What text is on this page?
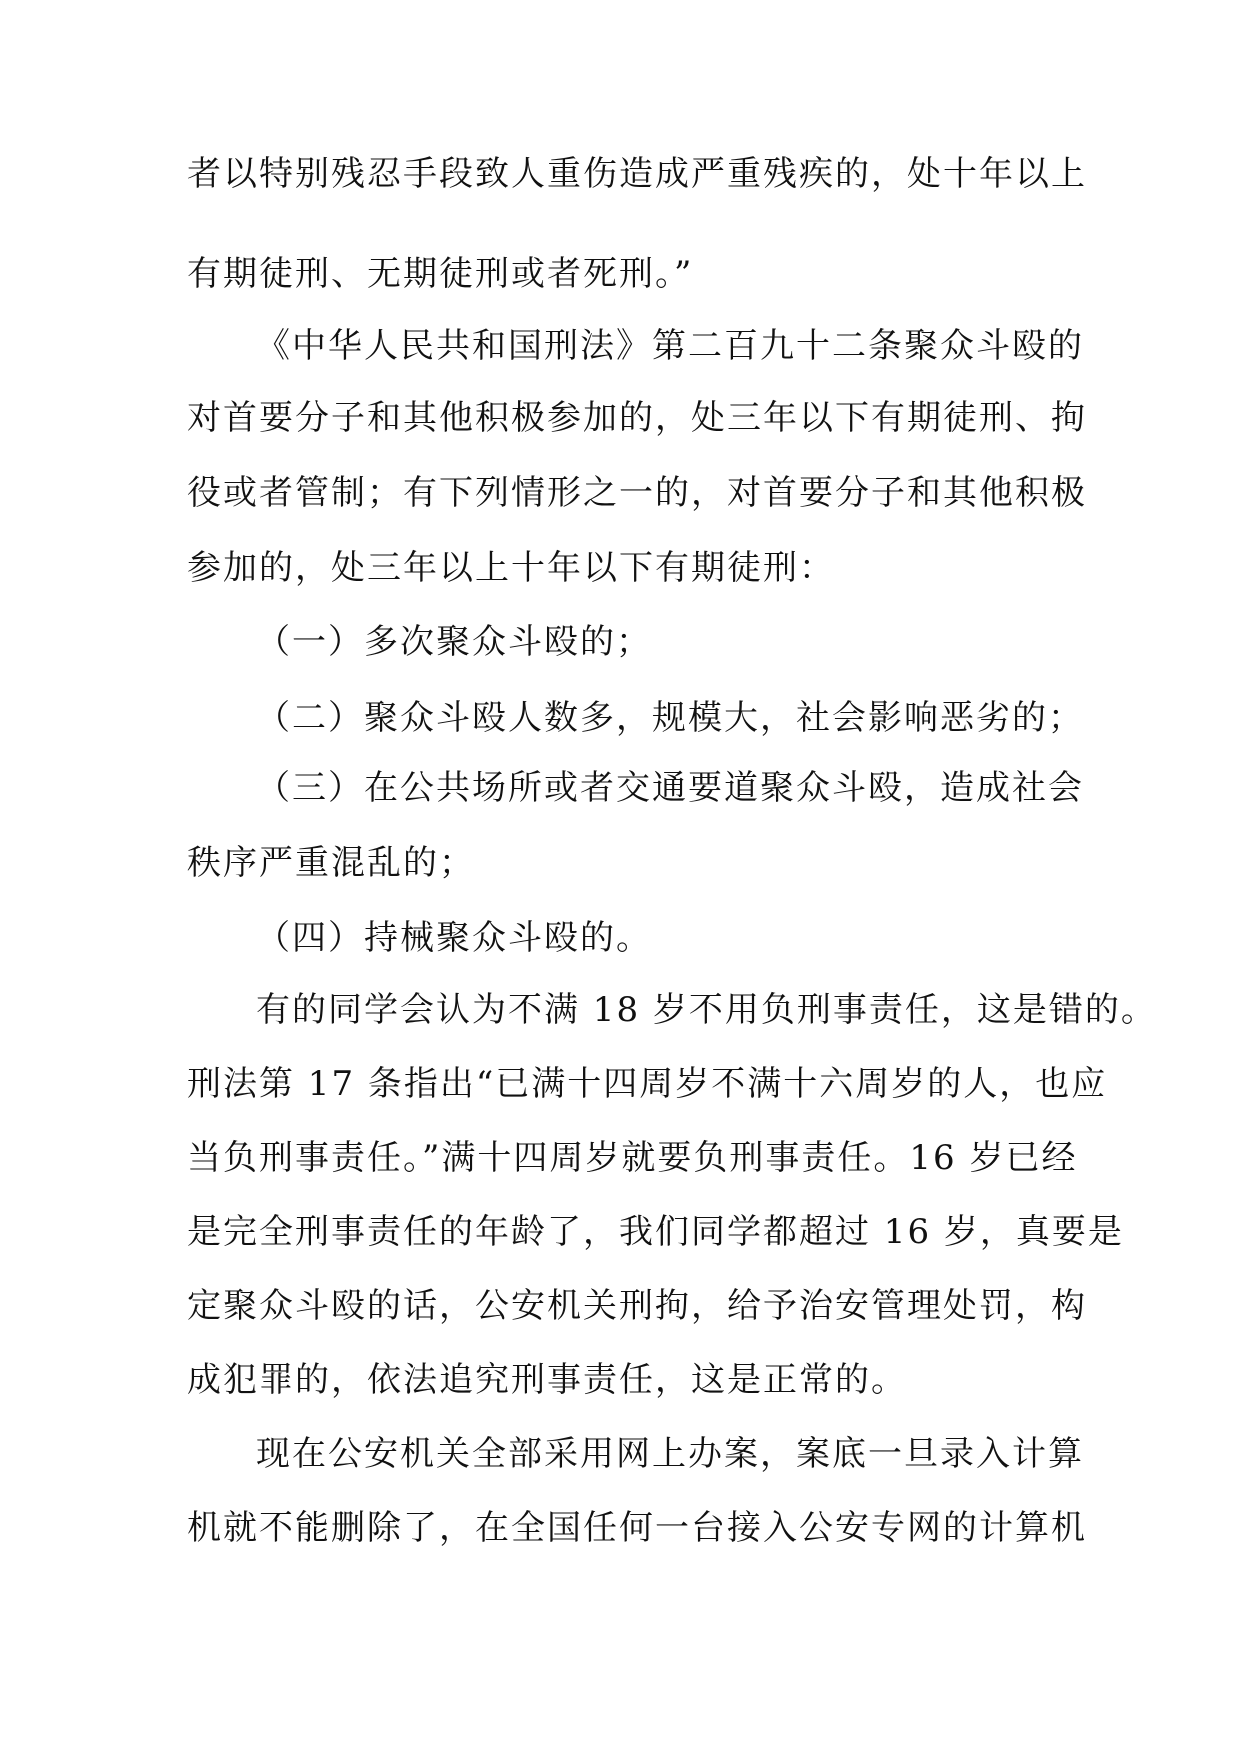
者以特别残忍手段致人重伤造成严重残疾的，处十年以上

有期徒刑、无期徒刑或者死刑。”

《中华人民共和国刑法》第二百九十二条聚众斗殴的

对首要分子和其他积极参加的，处三年以下有期徒刑、拘

役或者管制；有下列情形之一的，对首要分子和其他积极

参加的，处三年以上十年以下有期徒刑：

（一）多次聚众斗殴的；

（二）聚众斗殴人数多，规模大，社会影响恶劣的；

（三）在公共场所或者交通要道聚众斗殴，造成社会

秩序严重混乱的；

（四）持械聚众斗殴的。

有的同学会认为不满 18 岁不用负刑事责任，这是错的。

刑法第 17 条指出“已满十四周岁不满十六周岁的人，也应

当负刑事责任。”满十四周岁就要负刑事责任。16 岁已经

是完全刑事责任的年龄了，我们同学都超过 16 岁，真要是

定聚众斗殴的话，公安机关刑拘，给予治安管理处罚，构

成犯罪的，依法追究刑事责任，这是正常的。

现在公安机关全部采用网上办案，案底一旦录入计算

机就不能删除了，在全国任何一台接入公安专网的计算机
